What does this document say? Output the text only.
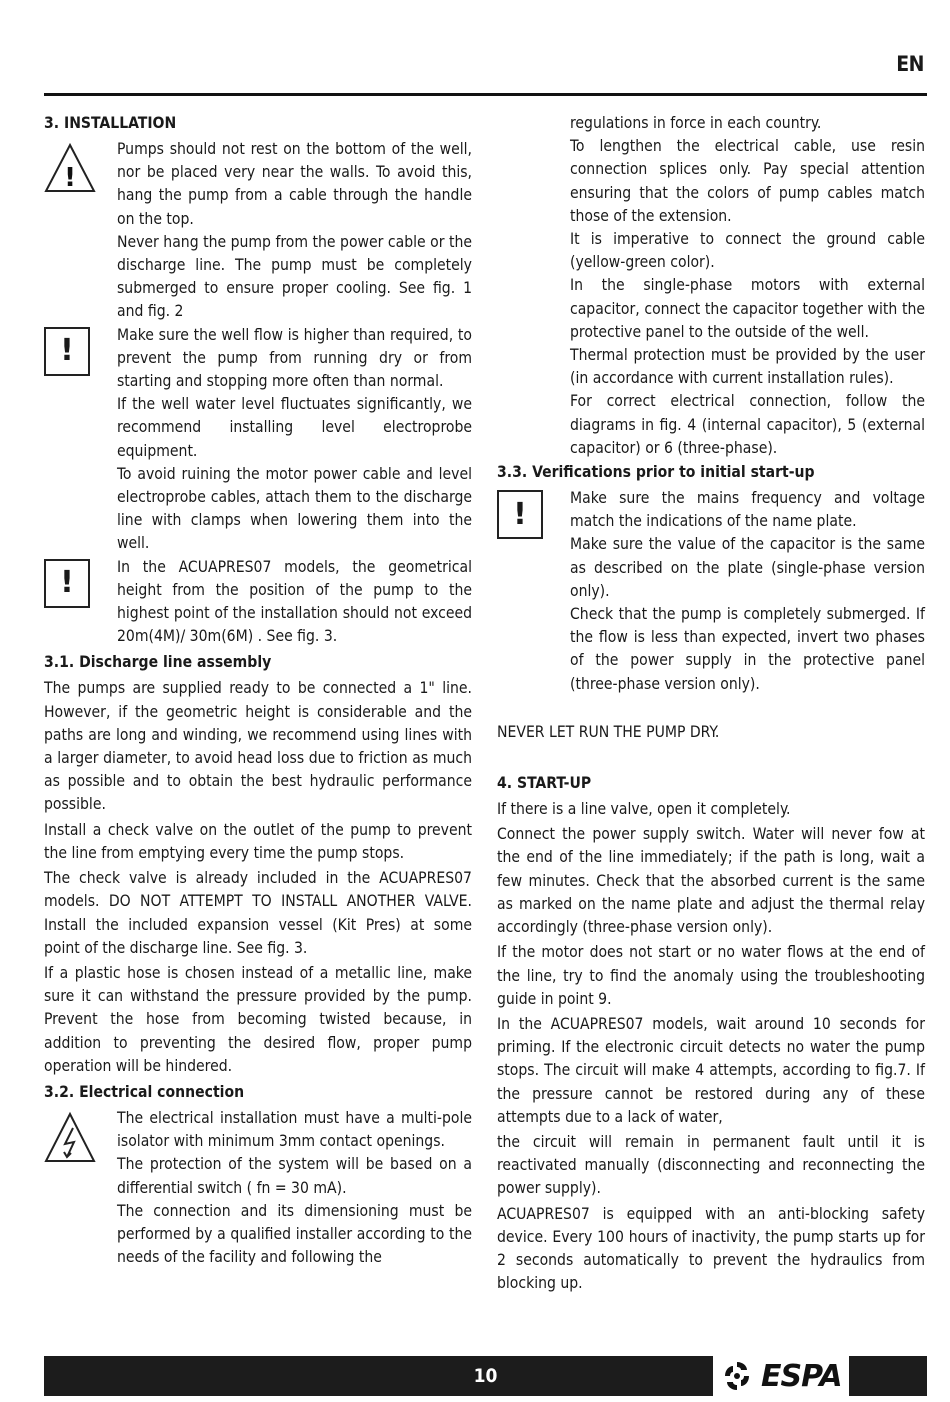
EN
3. INSTALLATION
!

Pumps should not rest on the bottom of the well, nor be placed very near the walls. To avoid this, hang the pump from a cable through the handle on the top.

Never hang the pump from the power cable or the discharge line. The pump must be completely submerged to ensure proper cooling. See fig. 1 and fig. 2

!	Make sure the well flow is higher than required, to prevent the pump from running dry or from starting and stopping more often than normal.

If the well water level fluctuates significantly, we recommend installing level electroprobe equipment.

To avoid ruining the motor power cable and level electroprobe cables, attach them to the discharge line with clamps when lowering them into the well.

!	In the ACUAPRES07 models, the geometrical height from the position of the pump to the highest point of the installation should not exceed 20m(4M)/ 30m(6M) . See fig. 3.

3.1. Discharge line assembly

The pumps are supplied ready to be connected a 1" line. However, if the geometric height is considerable and the paths are long and winding, we recommend using lines with a larger diameter, to avoid head loss due to friction as much as possible and to obtain the best hydraulic performance possible.

Install a check valve on the outlet of the pump to prevent the line from emptying every time the pump stops.

The check valve is already included in the ACUAPRES07 models. DO NOT ATTEMPT TO INSTALL ANOTHER VALVE. Install the included expansion vessel (Kit Pres) at some point of the discharge line. See fig. 3.

If a plastic hose is chosen instead of a metallic line, make sure it can withstand the pressure provided by the pump. Prevent the hose from becoming twisted because, in addition to preventing the desired flow, proper pump operation will be hindered.

3.2. Electrical connection

The electrical installation must have a multi-pole isolator with minimum 3mm contact openings.

The protection of the system will be based on a differential switch ( fn = 30 mA).

The connection and its dimensioning must be performed by a qualified installer according to the needs of the facility and following the

regulations in force in each country.

To lengthen the electrical cable, use resin connection splices only. Pay special attention ensuring that the colors of pump cables match those of the extension.

It is imperative to connect the ground cable (yellow-green color).

In the single-phase motors with external capacitor, connect the capacitor together with the protective panel to the outside of the well.

Thermal protection must be provided by the user (in accordance with current installation rules).

For correct electrical connection, follow the diagrams in fig. 4 (internal capacitor), 5 (external capacitor) or 6 (three-phase).

3.3. Verifications prior to initial start-up
!	Make sure the mains frequency and voltage match the indications of the name plate.

Make sure the value of the capacitor is the same as described on the plate (single-phase version only).

Check that the pump is completely submerged. If the flow is less than expected, invert two phases of the power supply in the protective panel (three-phase version only).

NEVER LET RUN THE PUMP DRY.

4. START-UP

If there is a line valve, open it completely.

Connect the power supply switch. Water will never fow at the end of the line immediately; if the path is long, wait a few minutes. Check that the absorbed current is the same as marked on the name plate and adjust the thermal relay accordingly (three-phase version only).

If the motor does not start or no water flows at the end of the line, try to find the anomaly using the troubleshooting guide in point 9.

In the ACUAPRES07 models, wait around 10 seconds for priming. If the electronic circuit detects no water the pump stops. The circuit will make 4 attempts, according to fig.7. If the pressure cannot be restored during any of these attempts due to a lack of water,

the circuit will remain in permanent fault until it is reactivated manually (disconnecting and reconnecting the power supply).

ACUAPRES07 is equipped with an anti-blocking safety device. Every 100 hours of inactivity, the pump starts up for 2 seconds automatically to prevent the hydraulics from blocking up.

10	ESPA
